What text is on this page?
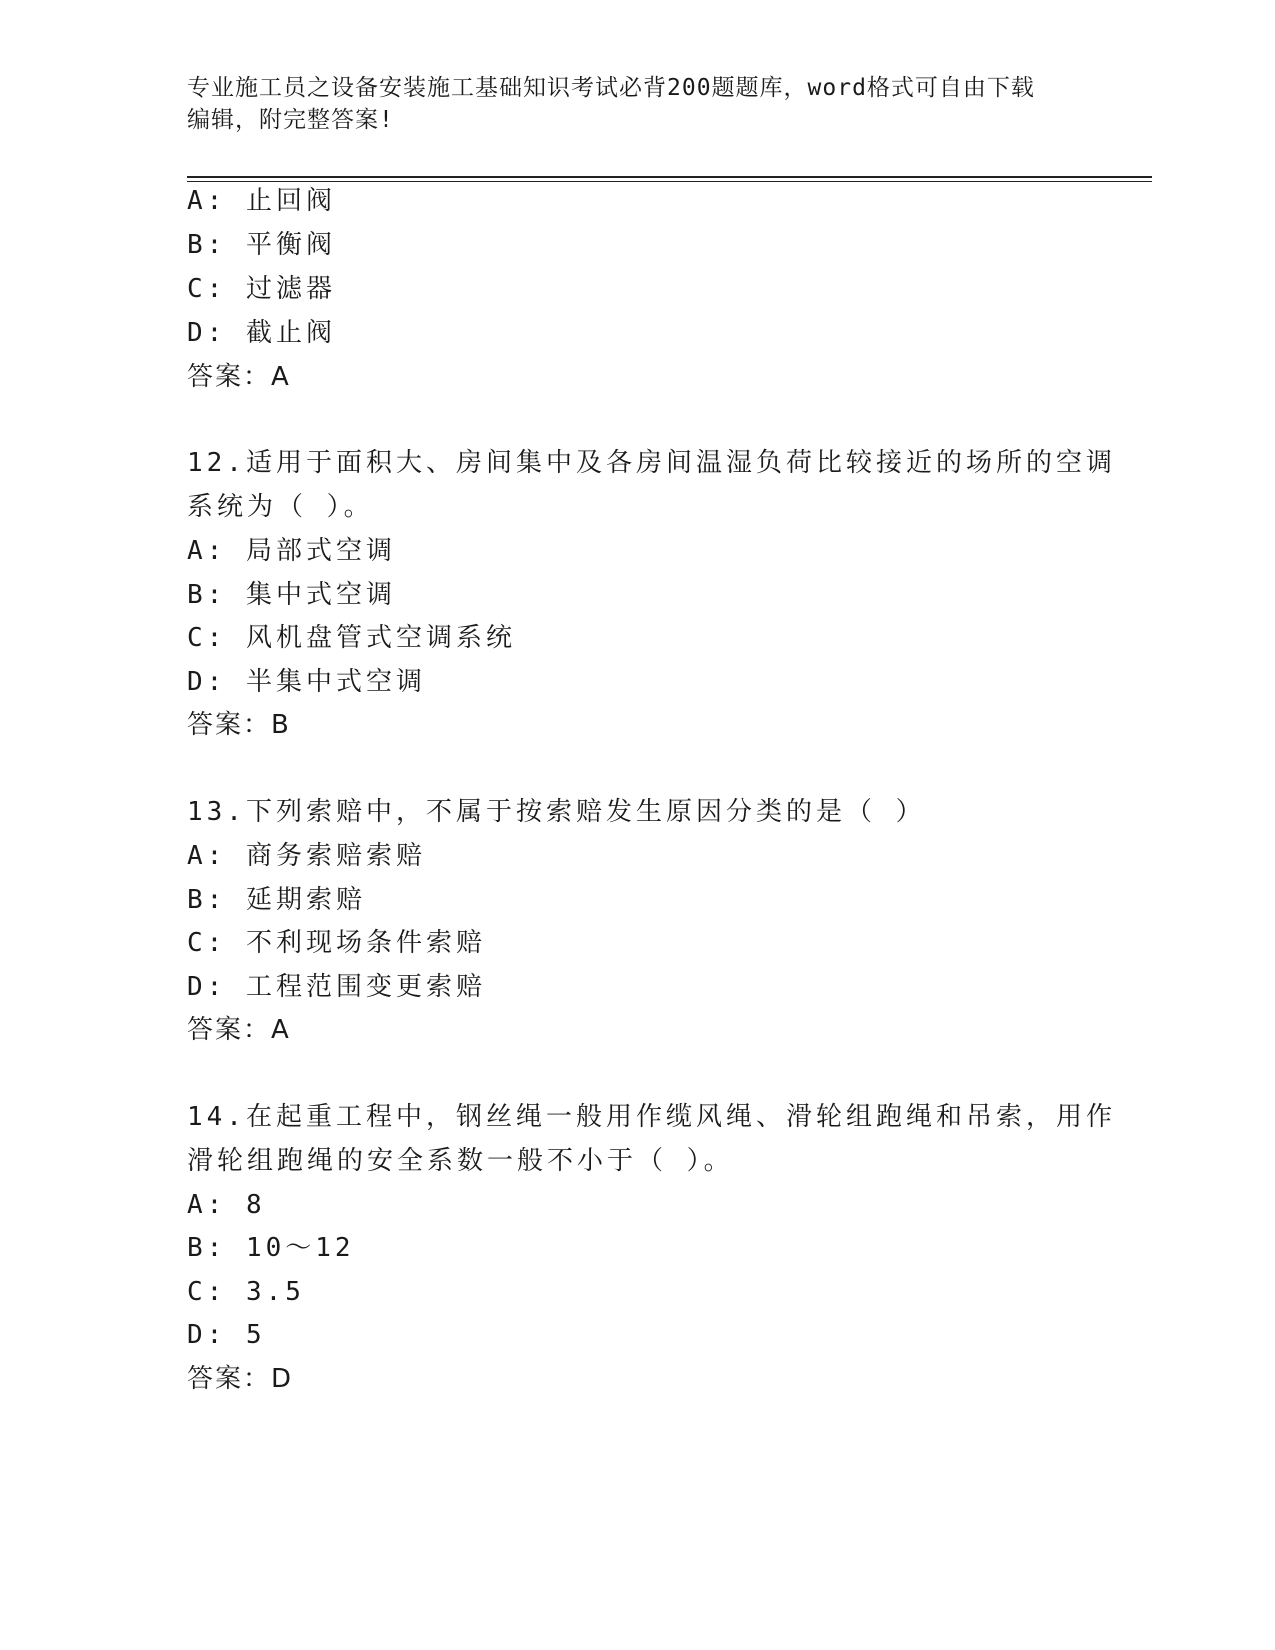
专业施工员之设备安装施工基础知识考试必背200题题库，word格式可自由下载
编辑，附完整答案!
A: 止回阀
B: 平衡阀
C: 过滤器
D: 截止阀
答案：A
12.适用于面积大、房间集中及各房间温湿负荷比较接近的场所的空调
系统为（ ）。
A: 局部式空调
B: 集中式空调
C: 风机盘管式空调系统
D: 半集中式空调
答案：B
13.下列索赔中，不属于按索赔发生原因分类的是（ ）
A: 商务索赔索赔
B: 延期索赔
C: 不利现场条件索赔
D: 工程范围变更索赔
答案：A
14.在起重工程中，钢丝绳一般用作缆风绳、滑轮组跑绳和吊索，用作
滑轮组跑绳的安全系数一般不小于（ ）。
A: 8
B: 10～12
C: 3.5
D: 5
答案：D
